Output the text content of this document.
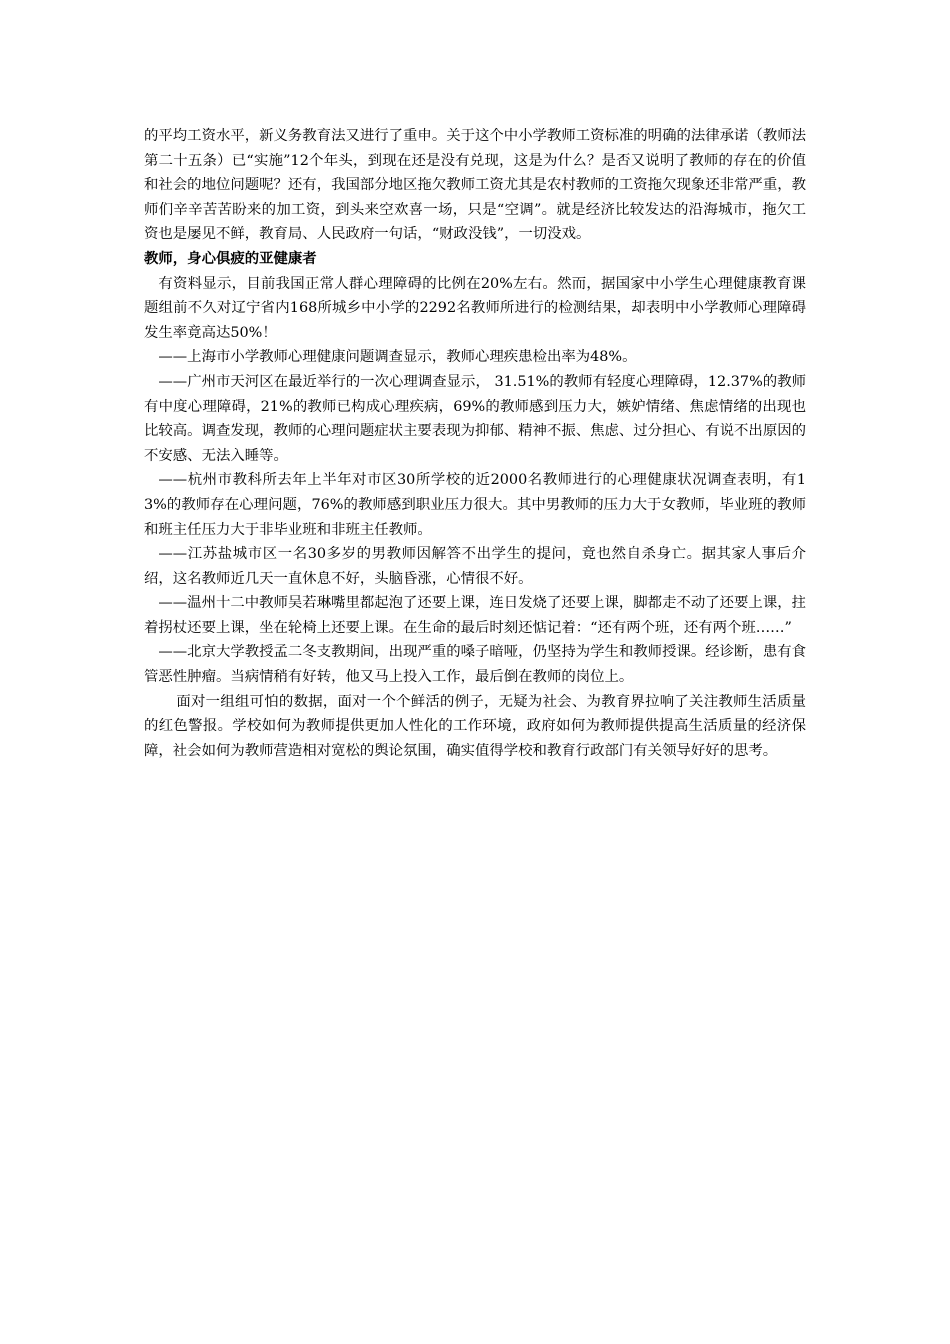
的平均工资水平，新义务教育法又进行了重申。关于这个中小学教师工资标准的明确的法律承诺（教师法第二十五条）已“实施”12个年头，到现在还是没有兑现，这是为什么？是否又说明了教师的存在的价值和社会的地位问题呢？还有，我国部分地区拖欠教师工资尤其是农村教师的工资拖欠现象还非常严重，教师们辛辛苦苦盼来的加工资，到头来空欢喜一场，只是“空调”。就是经济比较发达的沿海城市，拖欠工资也是屡见不鲜，教育局、人民政府一句话，“财政没钱”，一切没戏。

教师，身心俱疲的亚健康者

有资料显示，目前我国正常人群心理障碍的比例在20%左右。然而，据国家中小学生心理健康教育课题组前不久对辽宁省内168所城乡中小学的2292名教师所进行的检测结果，却表明中小学教师心理障碍发生率竟高达50%！

——上海市小学教师心理健康问题调查显示，教师心理疾患检出率为48%。

——广州市天河区在最近举行的一次心理调查显示， 31.51%的教师有轻度心理障碍，12.37%的教师有中度心理障碍，21%的教师已构成心理疾病，69%的教师感到压力大，嫉妒情绪、焦虑情绪的出现也比较高。调查发现，教师的心理问题症状主要表现为抑郁、精神不振、焦虑、过分担心、有说不出原因的不安感、无法入睡等。

——杭州市教科所去年上半年对市区30所学校的近2000名教师进行的心理健康状况调查表明，有13%的教师存在心理问题，76%的教师感到职业压力很大。其中男教师的压力大于女教师，毕业班的教师和班主任压力大于非毕业班和非班主任教师。

——江苏盐城市区一名30多岁的男教师因解答不出学生的提问，竟也然自杀身亡。据其家人事后介绍，这名教师近几天一直休息不好，头脑昏涨，心情很不好。

——温州十二中教师吴若琳嘴里都起泡了还要上课，连日发烧了还要上课，脚都走不动了还要上课，拄着拐杖还要上课，坐在轮椅上还要上课。在生命的最后时刻还惦记着：“还有两个班，还有两个班……”

——北京大学教授孟二冬支教期间，出现严重的嗓子暗哑，仍坚持为学生和教师授课。经诊断，患有食管恶性肿瘤。当病情稍有好转，他又马上投入工作，最后倒在教师的岗位上。

面对一组组可怕的数据，面对一个个鲜活的例子，无疑为社会、为教育界拉响了关注教师生活质量的红色警报。学校如何为教师提供更加人性化的工作环境，政府如何为教师提供提高生活质量的经济保障，社会如何为教师营造相对宽松的舆论氛围，确实值得学校和教育行政部门有关领导好好的思考。
